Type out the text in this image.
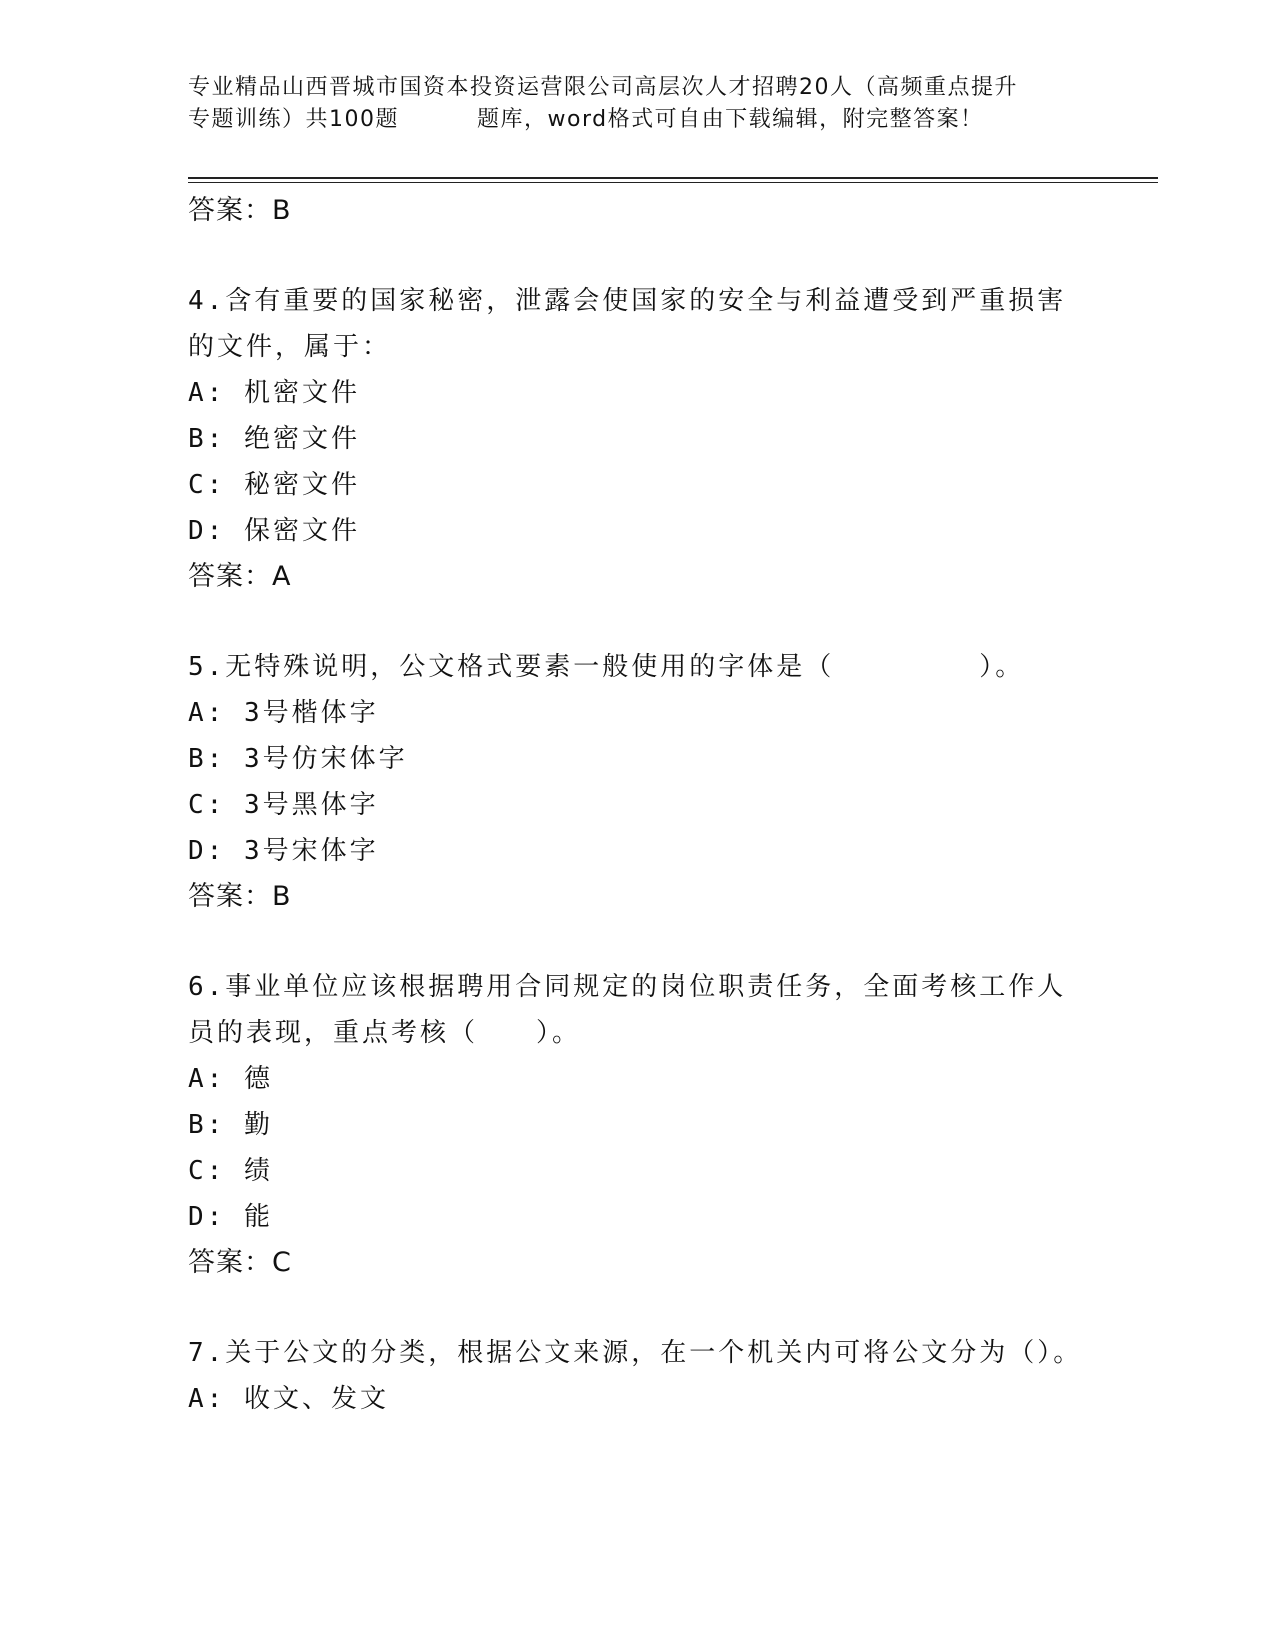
专业精品山西晋城市国资本投资运营限公司高层次人才招聘20人（高频重点提升
专题训练）共100题	题库，word格式可自由下载编辑，附完整答案！

答案：B

4.含有重要的国家秘密，泄露会使国家的安全与利益遭受到严重损害的文件，属于：

A: 机密文件

B: 绝密文件

C: 秘密文件

D: 保密文件

答案：A

5.无特殊说明，公文格式要素一般使用的字体是（　　　　　）。

A: 3号楷体字

B: 3号仿宋体字

C: 3号黑体字

D: 3号宋体字

答案：B

6.事业单位应该根据聘用合同规定的岗位职责任务，全面考核工作人员的表现，重点考核（　　）。

A: 德

B: 勤

C: 绩

D: 能

答案：C

7.关于公文的分类，根据公文来源，在一个机关内可将公文分为（）。

A: 收文、发文
